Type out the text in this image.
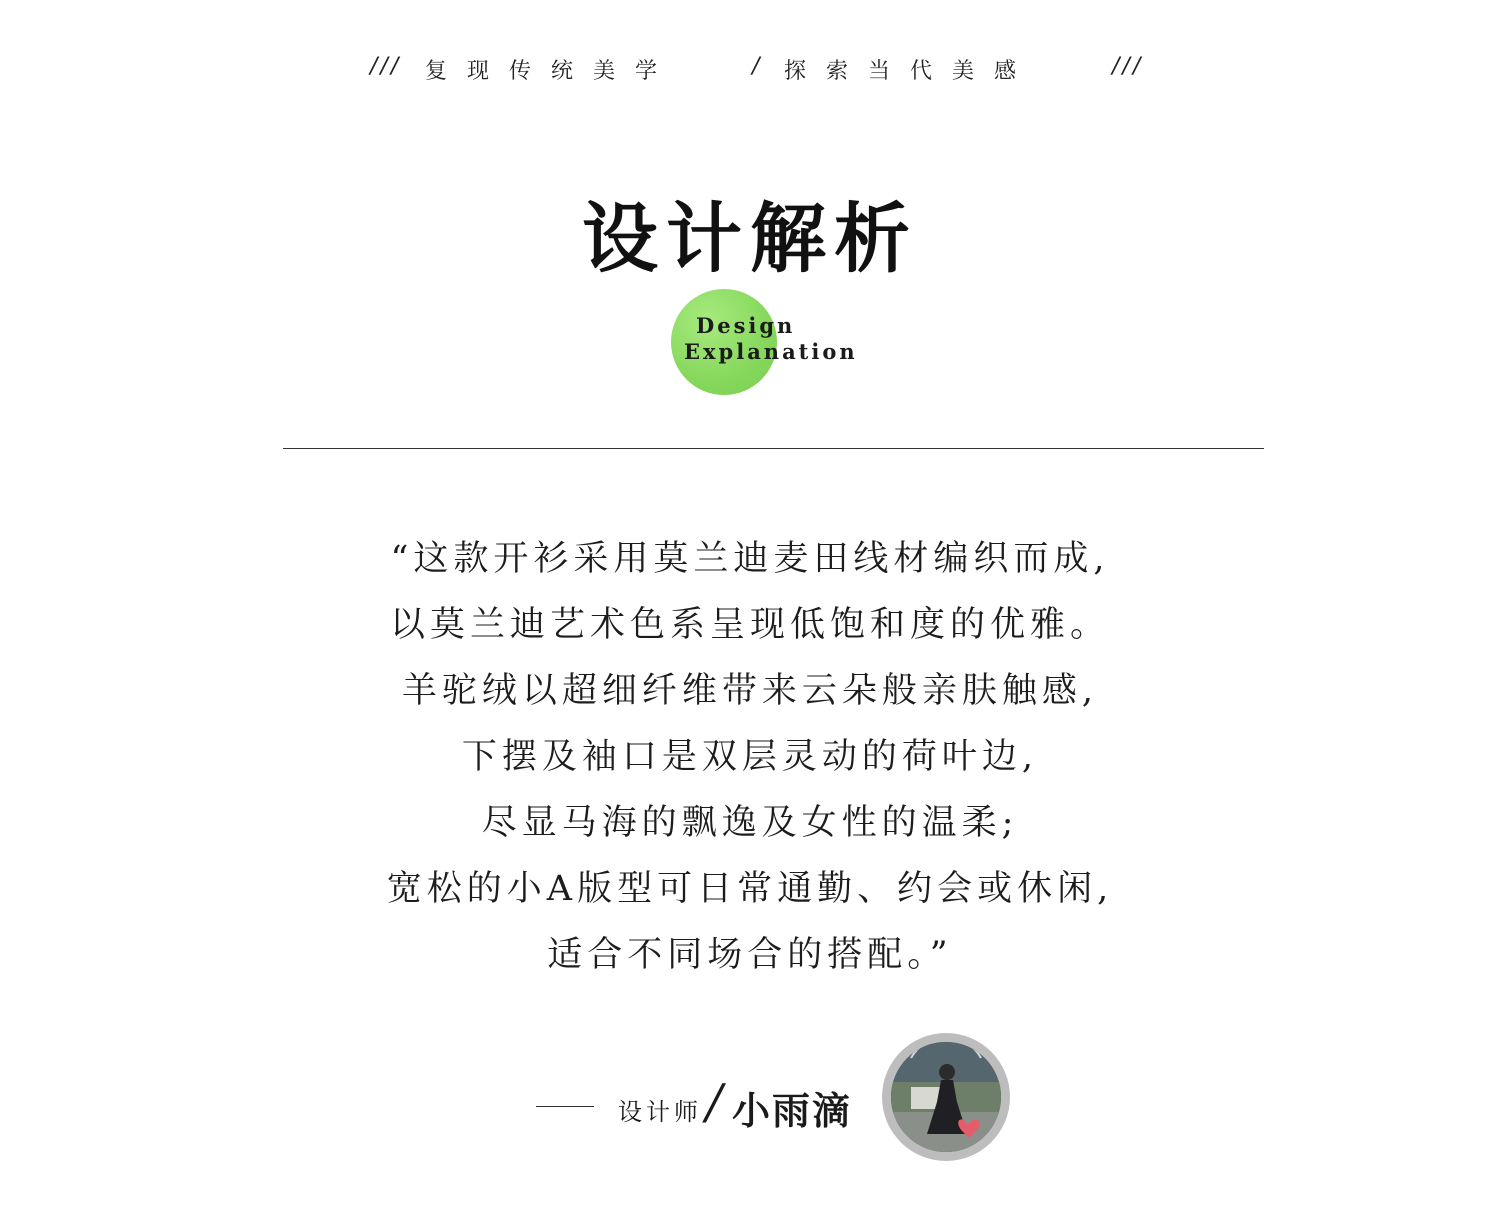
/// 复现传统美学	/ 探索当代美感	///
设计解析
Design
Explanation
“这款开衫采用莫兰迪麦田线材编织而成,
以莫兰迪艺术色系呈现低饱和度的优雅。
羊驼绒以超细纤维带来云朵般亲肤触感,
下摆及袖口是双层灵动的荷叶边,
尽显马海的飘逸及女性的温柔;
宽松的小A版型可日常通勤、约会或休闲,
适合不同场合的搭配。”
设计师 / 小雨滴
